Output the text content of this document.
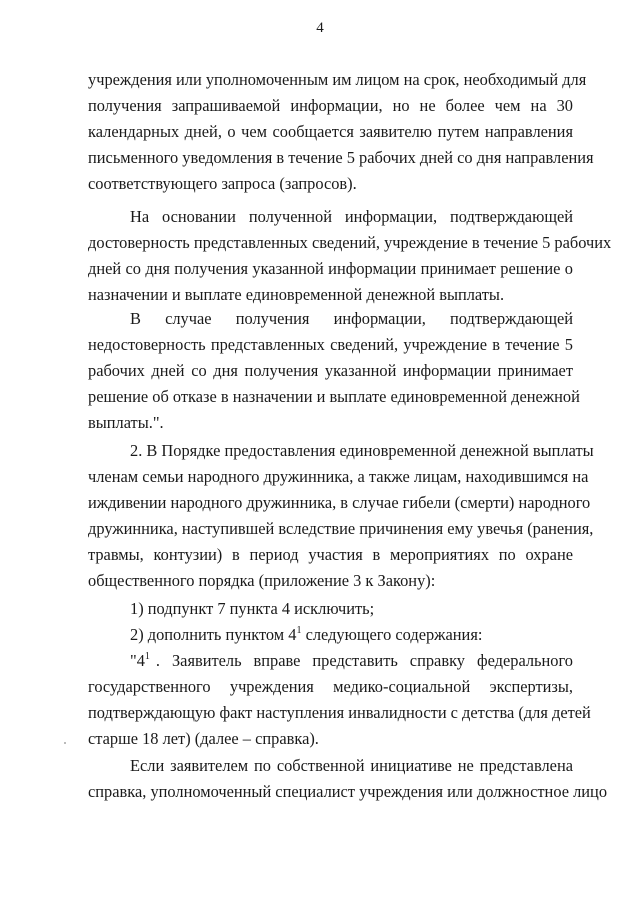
4
учреждения или уполномоченным им лицом на срок, необходимый для
получения запрашиваемой информации, но не более чем на 30
календарных дней, о чем сообщается заявителю путем направления
письменного уведомления в течение 5 рабочих дней со дня направления
соответствующего запроса (запросов).
На основании полученной информации, подтверждающей
достоверность представленных сведений, учреждение в течение 5 рабочих
дней со дня получения указанной информации принимает решение о
назначении и выплате единовременной денежной выплаты.
В случае получения информации, подтверждающей
недостоверность представленных сведений, учреждение в течение 5
рабочих дней со дня получения указанной информации принимает
решение об отказе в назначении и выплате единовременной денежной
выплаты.".
2. В Порядке предоставления единовременной денежной выплаты
членам семьи народного дружинника, а также лицам, находившимся на
иждивении народного дружинника, в случае гибели (смерти) народного
дружинника, наступившей вследствие причинения ему увечья (ранения,
травмы, контузии) в период участия в мероприятиях по охране
общественного порядка (приложение 3 к Закону):
1) подпункт 7 пункта 4 исключить;
2) дополнить пунктом $4^1$ следующего содержания:
"$4^1$ . Заявитель вправе представить справку федерального
государственного учреждения медико-социальной экспертизы,
подтверждающую факт наступления инвалидности с детства (для детей
старше 18 лет) (далее – справка).
Если заявителем по собственной инициативе не представлена
справка, уполномоченный специалист учреждения или должностное лицо
